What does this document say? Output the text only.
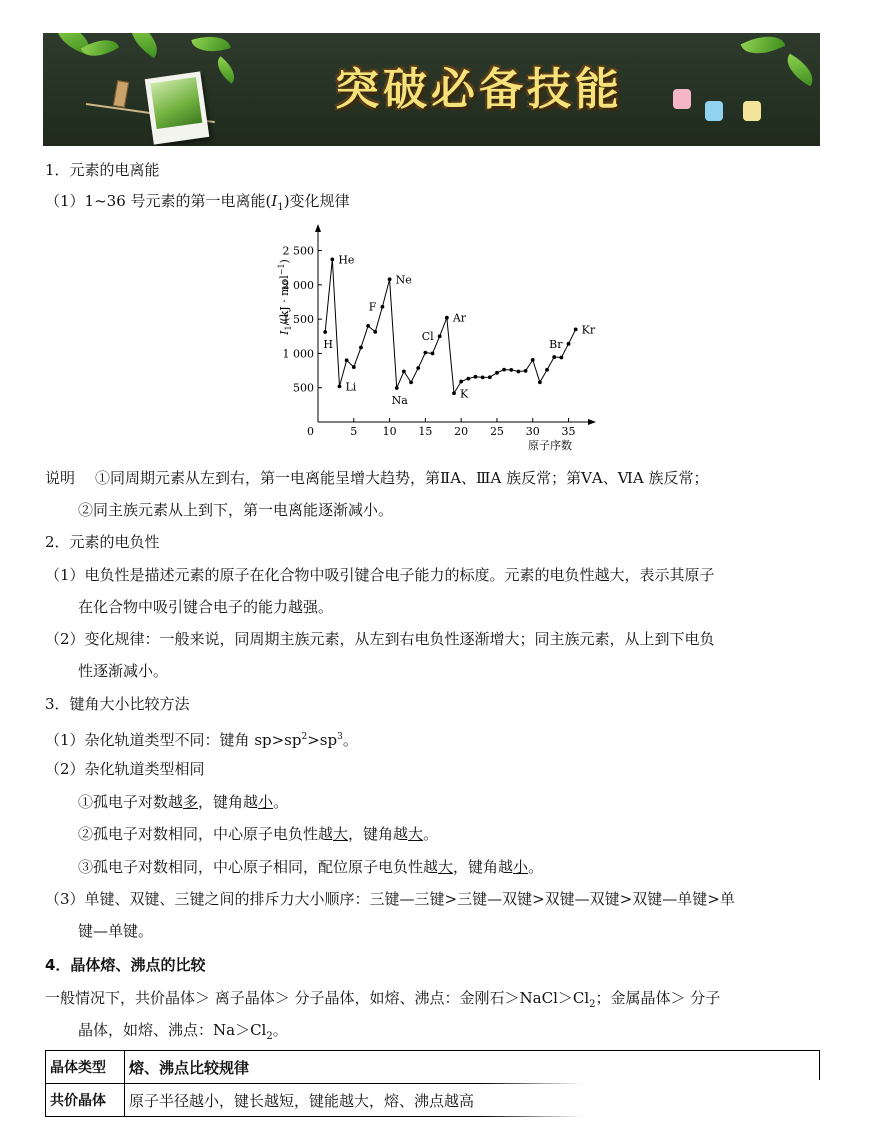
突破必备技能
1．元素的电离能
（1）1~36 号元素的第一电离能$(I_1)$变化规律
0	5 10 15 20 25 30 35
500
1 000
1 500
2 000
2 500
H
He
Li
F
Ne
Na
Cl
Ar
K
Br
Kr
$I_1/(kJ \cdot mol^{-1})$
原子序数
说明 ①同周期元素从左到右，第一电离能呈增大趋势，第ⅡA、ⅢA 族反常；第ⅤA、ⅥA 族反常；
②同主族元素从上到下，第一电离能逐渐减小。
2．元素的电负性
（1）电负性是描述元素的原子在化合物中吸引键合电子能力的标度。元素的电负性越大，表示其原子
在化合物中吸引键合电子的能力越强。
（2）变化规律：一般来说，同周期主族元素，从左到右电负性逐渐增大；同主族元素，从上到下电负
性逐渐减小。
3．键角大小比较方法
（1）杂化轨道类型不同：键角 $sp>sp^2>sp^3$。
（2）杂化轨道类型相同
①孤电子对数越多，键角越小。
②孤电子对数相同，中心原子电负性越大，键角越大。
③孤电子对数相同，中心原子相同，配位原子电负性越大，键角越小。
（3）单键、双键、三键之间的排斥力大小顺序：三键—三键>三键—双键>双键—双键>双键—单键>单
键—单键。
4．晶体熔、沸点的比较
一般情况下，共价晶体＞ 离子晶体＞ 分子晶体，如熔、沸点：金刚石$>NaCl>Cl_2$；金属晶体＞ 分子
晶体，如熔、沸点：$Na>Cl_2$。
晶体类型	熔、沸点比较规律
共价晶体	原子半径越小，键长越短，键能越大，熔、沸点越高
